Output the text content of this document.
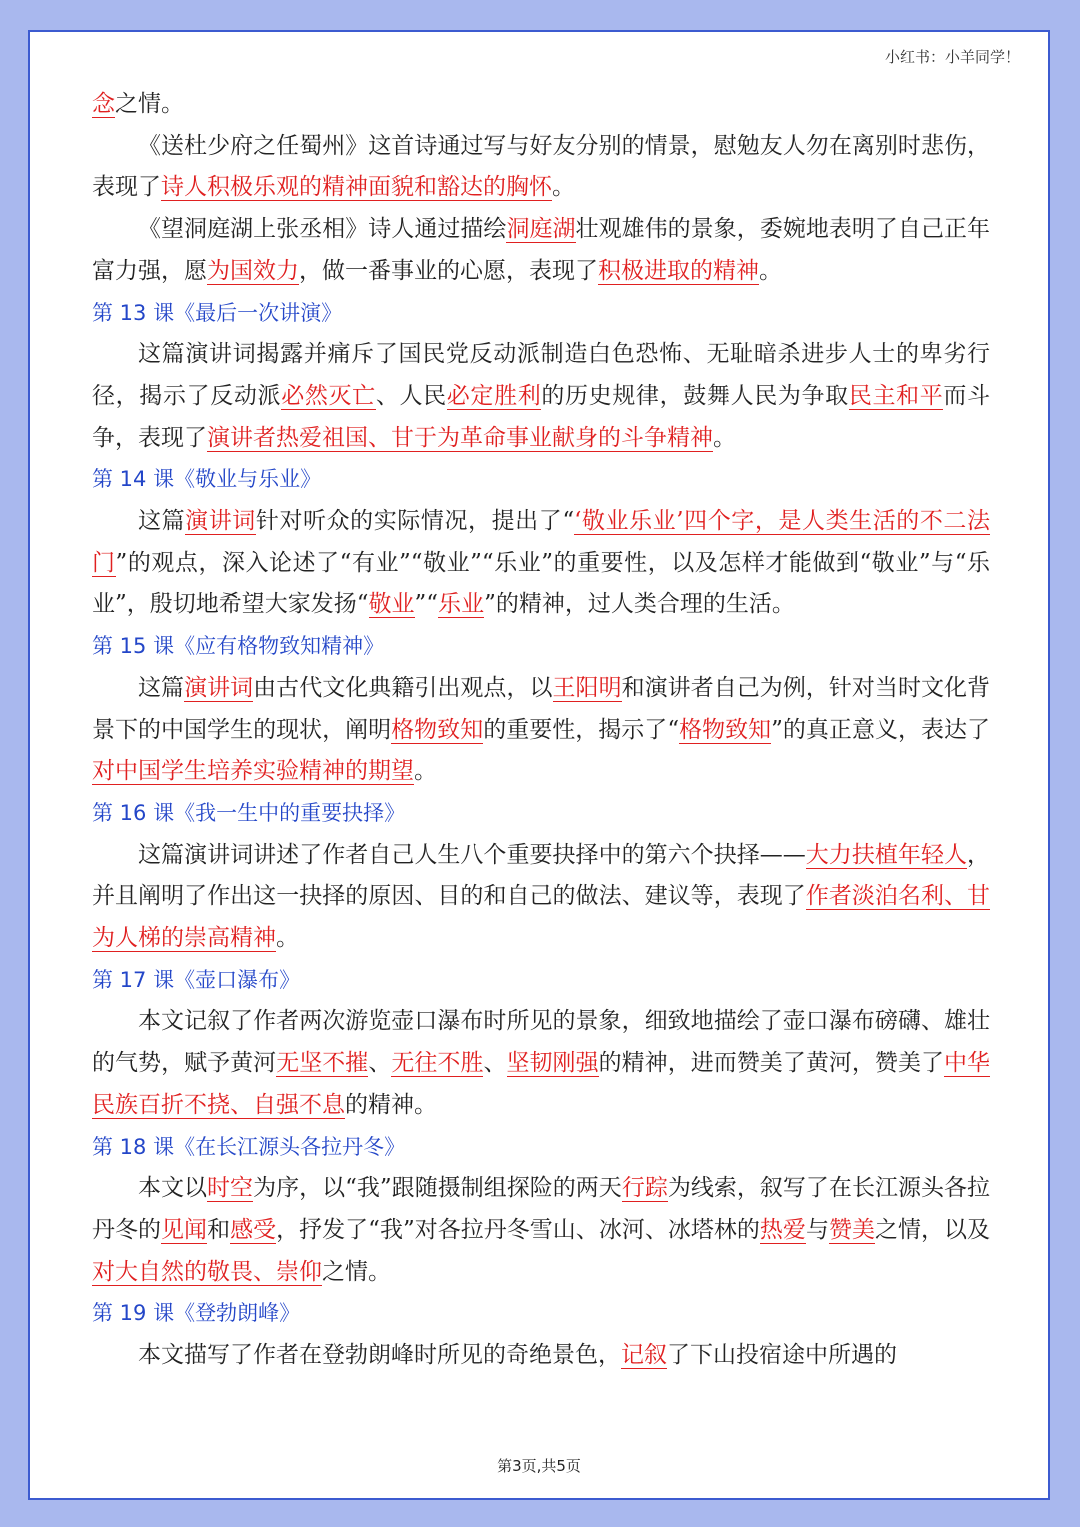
小红书：小羊同学！

念之情。

《送杜少府之任蜀州》这首诗通过写与好友分别的情景，慰勉友人勿在离别时悲伤，表现了诗人积极乐观的精神面貌和豁达的胸怀。

《望洞庭湖上张丞相》诗人通过描绘洞庭湖壮观雄伟的景象，委婉地表明了自己正年富力强，愿为国效力，做一番事业的心愿，表现了积极进取的精神。

第 13 课《最后一次讲演》

这篇演讲词揭露并痛斥了国民党反动派制造白色恐怖、无耻暗杀进步人士的卑劣行径，揭示了反动派必然灭亡、人民必定胜利的历史规律，鼓舞人民为争取民主和平而斗争，表现了演讲者热爱祖国、甘于为革命事业献身的斗争精神。

第 14 课《敬业与乐业》

这篇演讲词针对听众的实际情况，提出了“‘敬业乐业’四个字，是人类生活的不二法门”的观点，深入论述了“有业”“敬业”“乐业”的重要性，以及怎样才能做到“敬业”与“乐业”，殷切地希望大家发扬“敬业”“乐业”的精神，过人类合理的生活。

第 15 课《应有格物致知精神》

这篇演讲词由古代文化典籍引出观点，以王阳明和演讲者自己为例，针对当时文化背景下的中国学生的现状，阐明格物致知的重要性，揭示了“格物致知”的真正意义，表达了对中国学生培养实验精神的期望。

第 16 课《我一生中的重要抉择》

这篇演讲词讲述了作者自己人生八个重要抉择中的第六个抉择——大力扶植年轻人，并且阐明了作出这一抉择的原因、目的和自己的做法、建议等，表现了作者淡泊名利、甘为人梯的崇高精神。

第 17 课《壶口瀑布》

本文记叙了作者两次游览壶口瀑布时所见的景象，细致地描绘了壶口瀑布磅礴、雄壮的气势，赋予黄河无坚不摧、无往不胜、坚韧刚强的精神，进而赞美了黄河，赞美了中华民族百折不挠、自强不息的精神。

第 18 课《在长江源头各拉丹冬》

本文以时空为序，以“我”跟随摄制组探险的两天行踪为线索，叙写了在长江源头各拉丹冬的见闻和感受，抒发了“我”对各拉丹冬雪山、冰河、冰塔林的热爱与赞美之情，以及对大自然的敬畏、崇仰之情。

第 19 课《登勃朗峰》

本文描写了作者在登勃朗峰时所见的奇绝景色，记叙了下山投宿途中所遇的

第3页,共5页
